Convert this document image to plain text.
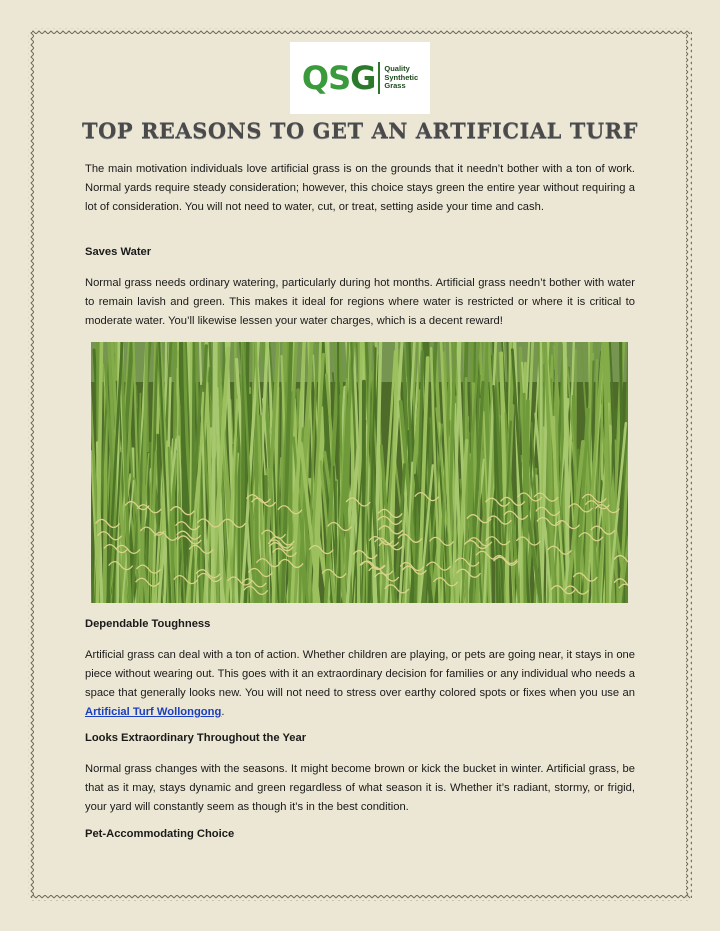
QSG Quality
Synthetic
Grass
TOP REASONS TO GET AN ARTIFICIAL TURF
The main motivation individuals love artificial grass is on the grounds that it needn’t bother with a ton of work. Normal yards require steady consideration; however, this choice stays green the entire year without requiring a lot of consideration. You will not need to water, cut, or treat, setting aside your time and cash.
Saves Water
Normal grass needs ordinary watering, particularly during hot months. Artificial grass needn’t bother with water to remain lavish and green. This makes it ideal for regions where water is restricted or where it is critical to moderate water. You’ll likewise lessen your water charges, which is a decent reward!
Dependable Toughness
Artificial grass can deal with a ton of action. Whether children are playing, or pets are going near, it stays in one piece without wearing out. This goes with it an extraordinary decision for families or any individual who needs a space that generally looks new. You will not need to stress over earthy colored spots or fixes when you use an Artificial Turf Wollongong.
Looks Extraordinary Throughout the Year
Normal grass changes with the seasons. It might become brown or kick the bucket in winter. Artificial grass, be that as it may, stays dynamic and green regardless of what season it is. Whether it’s radiant, stormy, or frigid, your yard will constantly seem as though it’s in the best condition.
Pet-Accommodating Choice
